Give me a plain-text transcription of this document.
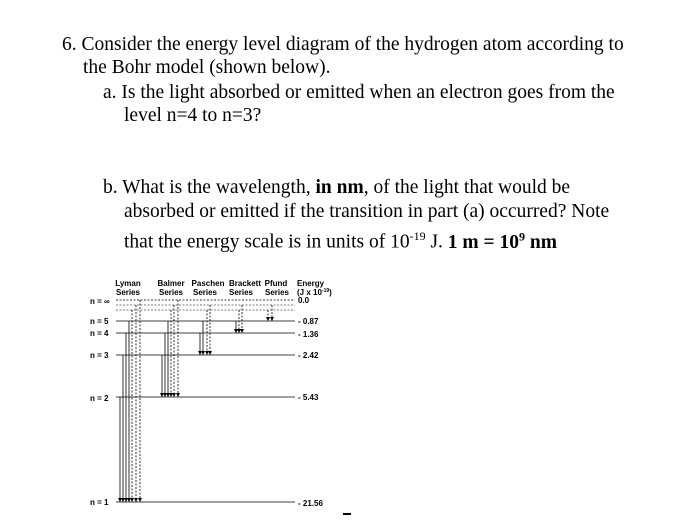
6. Consider the energy level diagram of the hydrogen atom according to
the Bohr model (shown below).
a. Is the light absorbed or emitted when an electron goes from the
level n=4 to n=3?
b. What is the wavelength, in nm, of the light that would be
absorbed or emitted if the transition in part (a) occurred? Note
that the energy scale is in units of $10^{-19}$ J. 1 $m = 10^9$ nm
Lyman
Series
Balmer
Series
Paschen
Series
Brackett
Series
Pfund
Series
Energy
(J x $10^{-19}$)
n = ∞
n = 5
n = 4
n = 3
n = 2
n = 1
0.0
- 0.87
- 1.36
- 2.42
- 5.43
- 21.56
